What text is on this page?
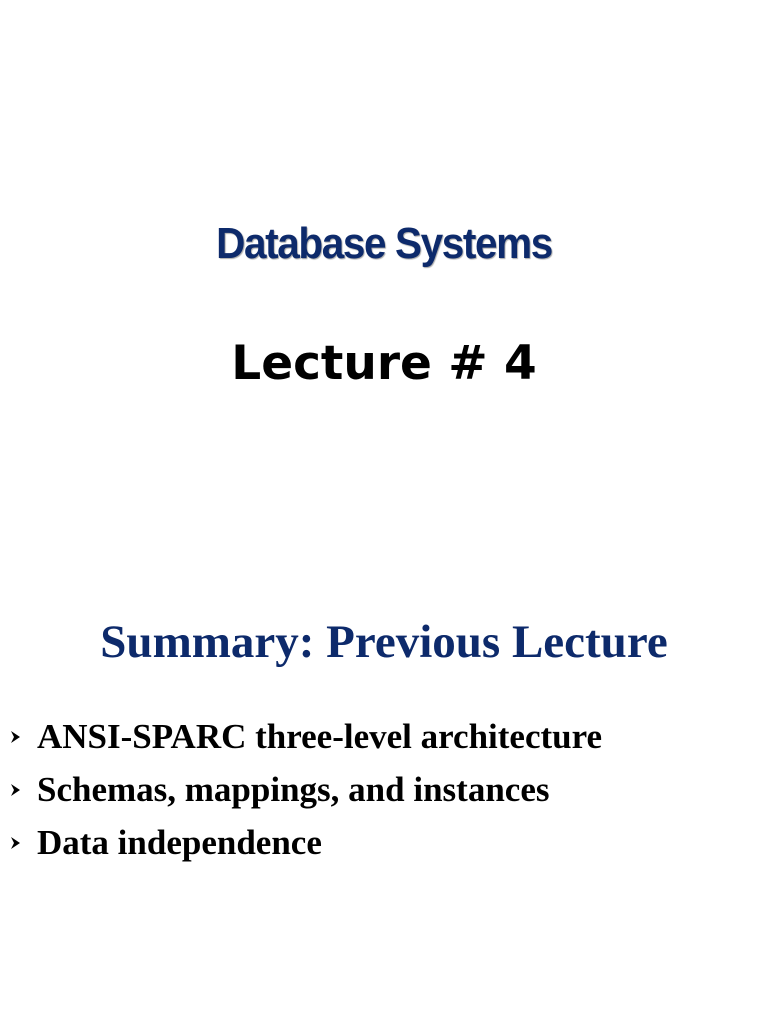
Database Systems
Lecture # 4
Summary: Previous Lecture
ANSI-SPARC three-level architecture
Schemas, mappings, and instances
Data independence
